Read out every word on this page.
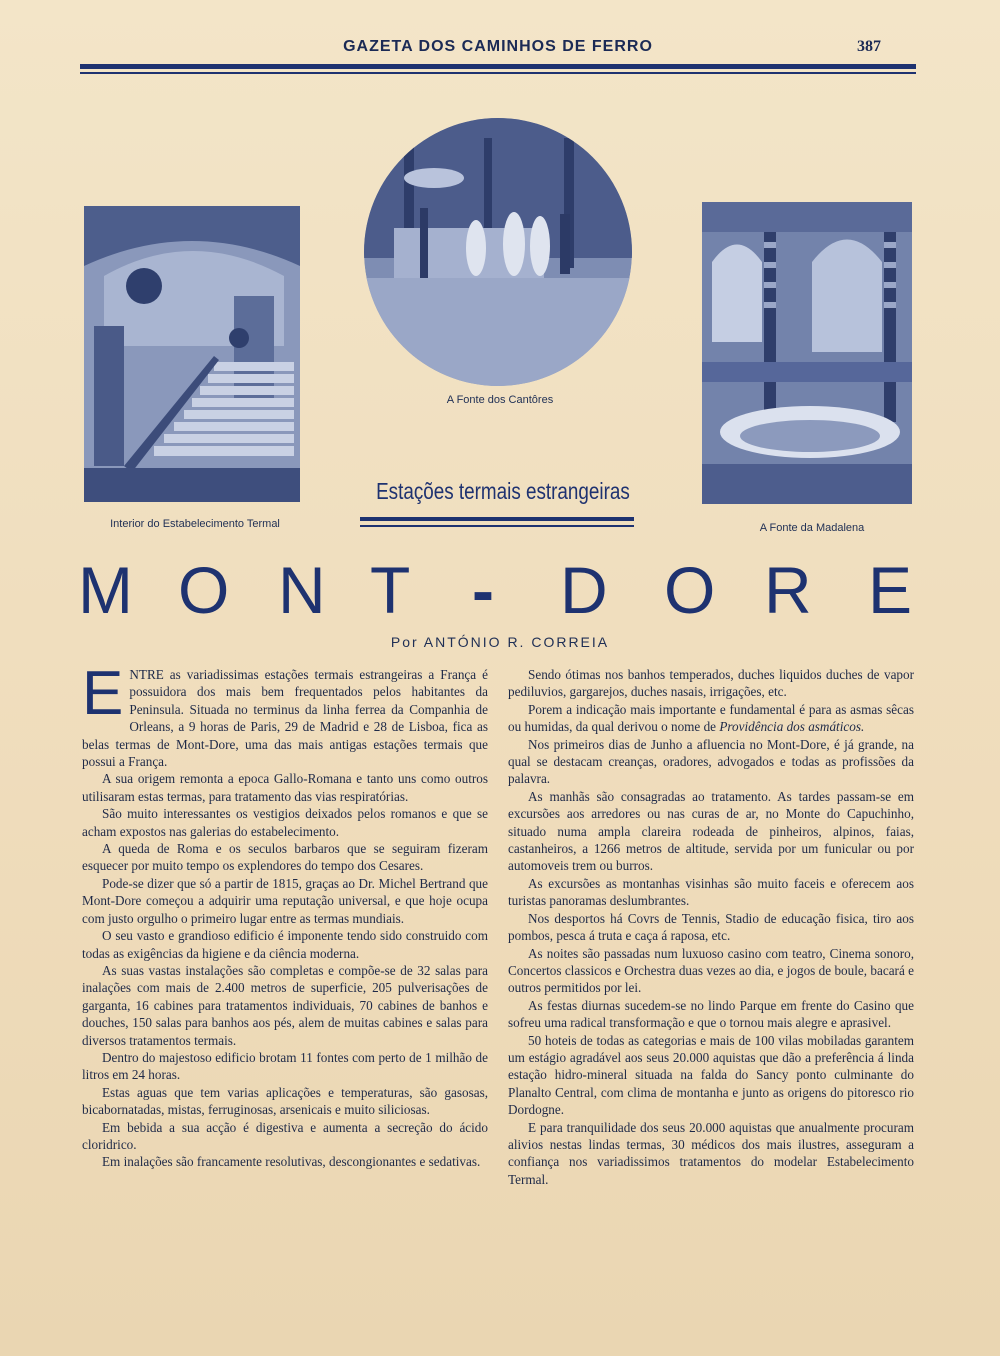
GAZETA DOS CAMINHOS DE FERRO	387
Interior do Estabelecimento Termal
A Fonte dos Cantôres
A Fonte da Madalena
Estações termais estrangeiras
M O N T - D O R E
Por ANTÓNIO R. CORREIA

ENTRE as variadissimas estações termais estrangeiras a França é possuidora dos mais bem frequentados pelos habitantes da Peninsula. Situada no terminus da linha ferrea da Companhia de Orleans, a 9 horas de Paris, 29 de Madrid e 28 de Lisboa, fica as belas termas de Mont-Dore, uma das mais antigas estações termais que possui a França.

A sua origem remonta a epoca Gallo-Romana e tanto uns como outros utilisaram estas termas, para tratamento das vias respiratórias.

São muito interessantes os vestigios deixados pelos romanos e que se acham expostos nas galerias do estabelecimento.

A queda de Roma e os seculos barbaros que se seguiram fizeram esquecer por muito tempo os explendores do tempo dos Cesares.

Pode-se dizer que só a partir de 1815, graças ao Dr. Michel Bertrand que Mont-Dore começou a adquirir uma reputação universal, e que hoje ocupa com justo orgulho o primeiro lugar entre as termas mundiais.

O seu vasto e grandioso edificio é imponente tendo sido construido com todas as exigências da higiene e da ciência moderna.

As suas vastas instalações são completas e compõe-se de 32 salas para inalações com mais de 2.400 metros de superficie, 205 pulverisações de garganta, 16 cabines para tratamentos individuais, 70 cabines de banhos e douches, 150 salas para banhos aos pés, alem de muitas cabines e salas para diversos tratamentos termais.

Dentro do majestoso edificio brotam 11 fontes com perto de 1 milhão de litros em 24 horas.

Estas aguas que tem varias aplicações e temperaturas, são gasosas, bicabornatadas, mistas, ferruginosas, arsenicais e muito siliciosas.

Em bebida a sua acção é digestiva e aumenta a secreção do ácido cloridrico.

Em inalações são francamente resolutivas, descongionantes e sedativas.

Sendo ótimas nos banhos temperados, duches liquidos duches de vapor pediluvios, gargarejos, duches nasais, irrigações, etc.

Porem a indicação mais importante e fundamental é para as asmas sêcas ou humidas, da qual derivou o nome de Providência dos asmáticos.

Nos primeiros dias de Junho a afluencia no Mont-Dore, é já grande, na qual se destacam creanças, oradores, advogados e todas as profissões da palavra.

As manhãs são consagradas ao tratamento. As tardes passam-se em excursões aos arredores ou nas curas de ar, no Monte do Capuchinho, situado numa ampla clareira rodeada de pinheiros, alpinos, faias, castanheiros, a 1266 metros de altitude, servida por um funicular ou por automoveis trem ou burros.

As excursões as montanhas visinhas são muito faceis e oferecem aos turistas panoramas deslumbrantes.

Nos desportos há Covrs de Tennis, Stadio de educação fisica, tiro aos pombos, pesca á truta e caça á raposa, etc.

As noites são passadas num luxuoso casino com teatro, Cinema sonoro, Concertos classicos e Orchestra duas vezes ao dia, e jogos de boule, bacará e outros permitidos por lei.

As festas diurnas sucedem-se no lindo Parque em frente do Casino que sofreu uma radical transformação e que o tornou mais alegre e aprasivel.

50 hoteis de todas as categorias e mais de 100 vilas mobiladas garantem um estágio agradável aos seus 20.000 aquistas que dão a preferência á linda estação hidro-mineral situada na falda do Sancy ponto culminante do Planalto Central, com clima de montanha e junto as origens do pitoresco rio Dordogne.

E para tranquilidade dos seus 20.000 aquistas que anualmente procuram alivios nestas lindas termas, 30 médicos dos mais ilustres, asseguram a confiança nos variadissimos tratamentos do modelar Estabelecimento Termal.
